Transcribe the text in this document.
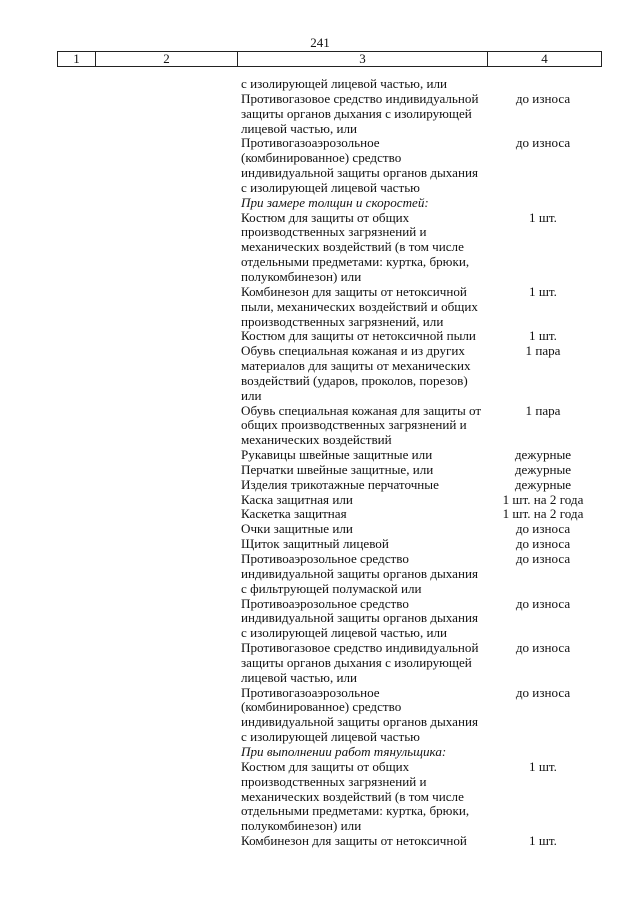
241
1	2	3	4
с изолирующей лицевой частью, или
Противогазовое средство индивидуальной	до износа
защиты органов дыхания с изолирующей
лицевой частью, или
Противогазоаэрозольное	до износа
(комбинированное) средство
индивидуальной защиты органов дыхания
с изолирующей лицевой частью
При замере толщин и скоростей:
Костюм для защиты от общих	1 шт.
производственных загрязнений и
механических воздействий (в том числе
отдельными предметами: куртка, брюки,
полукомбинезон) или
Комбинезон для защиты от нетоксичной	1 шт.
пыли, механических воздействий и общих
производственных загрязнений, или
Костюм для защиты от нетоксичной пыли	1 шт.
Обувь специальная кожаная и из других	1 пара
материалов для защиты от механических
воздействий (ударов, проколов, порезов)
или
Обувь специальная кожаная для защиты от	1 пара
общих производственных загрязнений и
механических воздействий
Рукавицы швейные защитные или	дежурные
Перчатки швейные защитные, или	дежурные
Изделия трикотажные перчаточные	дежурные
Каска защитная или	1 шт. на 2 года
Каскетка защитная	1 шт. на 2 года
Очки защитные или	до износа
Щиток защитный лицевой	до износа
Противоаэрозольное средство	до износа
индивидуальной защиты органов дыхания
с фильтрующей полумаской или
Противоаэрозольное средство	до износа
индивидуальной защиты органов дыхания
с изолирующей лицевой частью, или
Противогазовое средство индивидуальной	до износа
защиты органов дыхания с изолирующей
лицевой частью, или
Противогазоаэрозольное	до износа
(комбинированное) средство
индивидуальной защиты органов дыхания
с изолирующей лицевой частью
При выполнении работ тянульщика:
Костюм для защиты от общих	1 шт.
производственных загрязнений и
механических воздействий (в том числе
отдельными предметами: куртка, брюки,
полукомбинезон) или
Комбинезон для защиты от нетоксичной	1 шт.
